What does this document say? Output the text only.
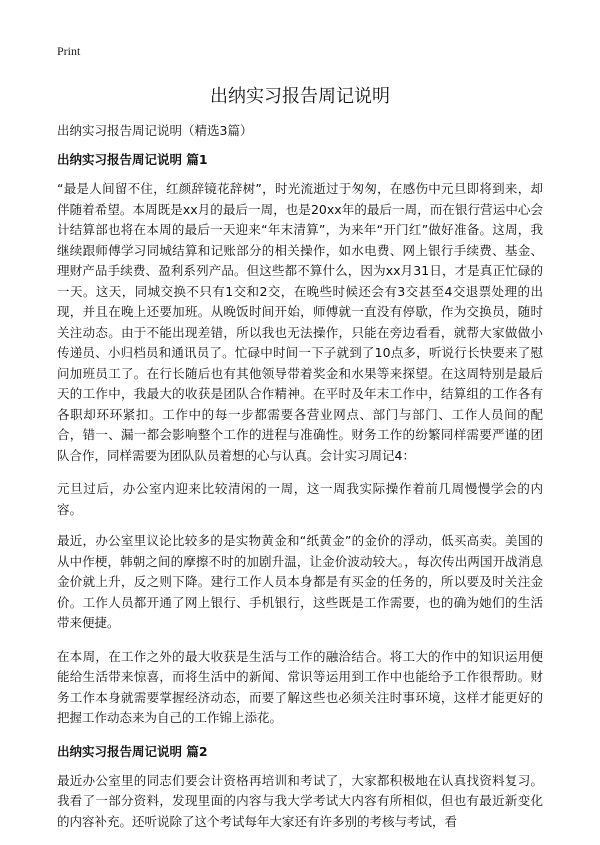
Print
出纳实习报告周记说明
出纳实习报告周记说明（精选3篇）
出纳实习报告周记说明 篇1

“最是人间留不住，红颜辞镜花辞树”，时光流逝过于匆匆，在感伤中元旦即将到来，却伴随着希望。本周既是xx月的最后一周，也是20xx年的最后一周，而在银行营运中心会计结算部也将在本周的最后一天迎来“年末清算”，为来年“开门红”做好准备。这周，我继续跟师傅学习同城结算和记账部分的相关操作，如水电费、网上银行手续费、基金、理财产品手续费、盈利系列产品。但这些都不算什么，因为xx月31日，才是真正忙碌的一天。这天，同城交换不只有1交和2交，在晚些时候还会有3交甚至4交退票处理的出现，并且在晚上还要加班。从晚饭时间开始，师傅就一直没有停歇，作为交换员，随时关注动态。由于不能出现差错，所以我也无法操作，只能在旁边看看，就帮大家做做小传递员、小归档员和通讯员了。忙碌中时间一下子就到了10点多，听说行长快要来了慰问加班员工了。在行长随后也有其他领导带着奖金和水果等来探望。在这周特别是最后天的工作中，我最大的收获是团队合作精神。在平时及年末工作中，结算组的工作各有各职却环环紧扣。工作中的每一步都需要各营业网点、部门与部门、工作人员间的配合，错一、漏一都会影响整个工作的进程与准确性。财务工作的纷繁同样需要严谨的团队合作，同样需要为团队队员着想的心与认真。会计实习周记4：

元旦过后，办公室内迎来比较清闲的一周，这一周我实际操作着前几周慢慢学会的内容。

最近，办公室里议论比较多的是实物黄金和“纸黄金”的金价的浮动，低买高卖。美国的从中作梗，韩朝之间的摩擦不时的加剧升温，让金价波动较大。，每次传出两国开战消息金价就上升，反之则下降。建行工作人员本身都是有买金的任务的，所以要及时关注金价。工作人员都开通了网上银行、手机银行，这些既是工作需要，也的确为她们的生活带来便捷。

在本周，在工作之外的最大收获是生活与工作的融洽结合。将工大的作中的知识运用便能给生活带来惊喜，而将生活中的新闻、常识等运用到工作中也能给予工作很帮助。财务工作本身就需要掌握经济动态，而要了解这些也必须关注时事环境，这样才能更好的把握工作动态来为自己的工作锦上添花。

出纳实习报告周记说明 篇2

最近办公室里的同志们要会计资格再培训和考试了，大家都积极地在认真找资料复习。我看了一部分资料，发现里面的内容与我大学考试大内容有所相似，但也有最近新变化的内容补充。还听说除了这个考试每年大家还有许多别的考核与考试，看
